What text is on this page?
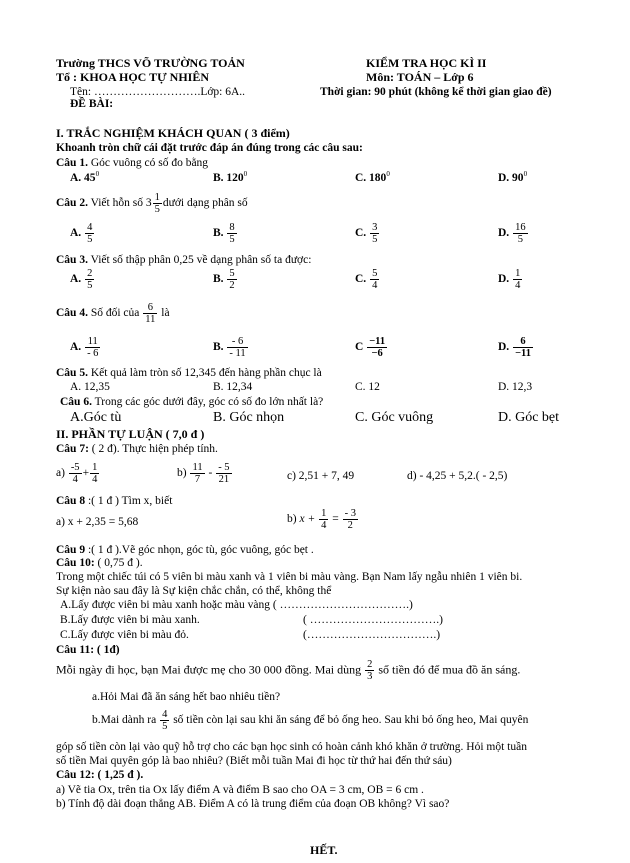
Trường THCS VÕ TRƯỜNG TOẢN
Tổ : KHOA HỌC TỰ NHIÊN
Tên: ……………………….Lớp: 6A..
ĐỀ BÀI:
KIỂM TRA HỌC KÌ II
Môn: TOÁN – Lớp 6
Thời gian: 90 phút (không kể thời gian giao đề)
I. TRẮC NGHIỆM KHÁCH QUAN ( 3 điểm)
Khoanh tròn chữ cái đặt trước đáp án đúng trong các câu sau:
Câu 1. Góc vuông có số đo bằng
A. $45^0$	B. $120^0$	C. $180^0$	D. $90^0$
Câu 2. Viết hỗn số $3 \frac{1}{5}$ dưới dạng phân số
A. $\frac{4}{5}$	B. $\frac{8}{5}$	C. $\frac{3}{5}$	D. $\frac{16}{5}$
Câu 3. Viết số thập phân 0,25 về dạng phân số ta được:
A. $\frac{2}{5}$	B. $\frac{5}{2}$	C. $\frac{5}{4}$	D. $\frac{1}{4}$
Câu 4. Số đối của $\frac{6}{11}$ là
A. $\frac{11}{- 6}$	B. $\frac{- 6}{- 11}$	C $\frac{-11}{-6}$	D. $\frac{6}{-11}$
Câu 5. Kết quả làm tròn số 12,345 đến hàng phần chục là
A. 12,35	B. 12,34	C. 12	D. 12,3
Câu 6. Trong các góc dưới đây, góc có số đo lớn nhất là?
A.Góc tù	B. Góc nhọn	C. Góc vuông	D. Góc bẹt
II. PHẦN TỰ LUẬN ( 7,0 đ )
Câu 7: ( 2 đ). Thực hiện phép tính.
$a) \frac{-5}{4} + \frac{1}{4}$	$b) \frac{11}{7} - \frac{- 5}{21}$	c) 2,51 + 7, 49	d) - 4,25 + 5,2.( - 2,5)
Câu 8 :( 1 đ ) Tìm x, biết
a) x + 2,35 = 5,68	b) $x + \frac{1}{4} = \frac{- 3}{2}$
Câu 9 :( 1 đ ).Vẽ góc nhọn, góc tù, góc vuông, góc bẹt .
Câu 10: ( 0,75 đ ).
Trong một chiếc túi có 5 viên bi màu xanh và 1 viên bi màu vàng. Bạn Nam lấy ngẫu nhiên 1 viên bi.
Sự kiện nào sau đây là Sự kiện chắc chắn, có thể, không thể
A.Lấy được viên bi màu xanh hoặc màu vàng ( …………………………….)
B.Lấy được viên bi màu xanh.	( …………………………….)
C.Lấy được viên bi màu đỏ.	(…………………………….)
Câu 11: ( 1đ)
Mỗi ngày đi học, bạn Mai được mẹ cho 30 000 đồng. Mai dùng $\frac{2}{3}$ số tiền đó để mua đồ ăn sáng.
a.Hỏi Mai đã ăn sáng hết bao nhiêu tiền?
b.Mai dành ra $\frac{4}{5}$ số tiền còn lại sau khi ăn sáng để bỏ ống heo. Sau khi bỏ ống heo, Mai quyên
góp số tiền còn lại vào quỹ hỗ trợ cho các bạn học sinh có hoàn cảnh khó khăn ở trường. Hỏi một tuần
số tiền Mai quyên góp là bao nhiêu? (Biết mỗi tuần Mai đi học từ thứ hai đến thứ sáu)
Câu 12: ( 1,25 đ ).
a) Vẽ tia Ox, trên tia Ox lấy điểm A và điểm B sao cho OA = 3 cm, OB = 6 cm .
b) Tính độ dài đoạn thẳng AB. Điểm A có là trung điểm của đoạn OB không? Vì sao?
HẾT.
